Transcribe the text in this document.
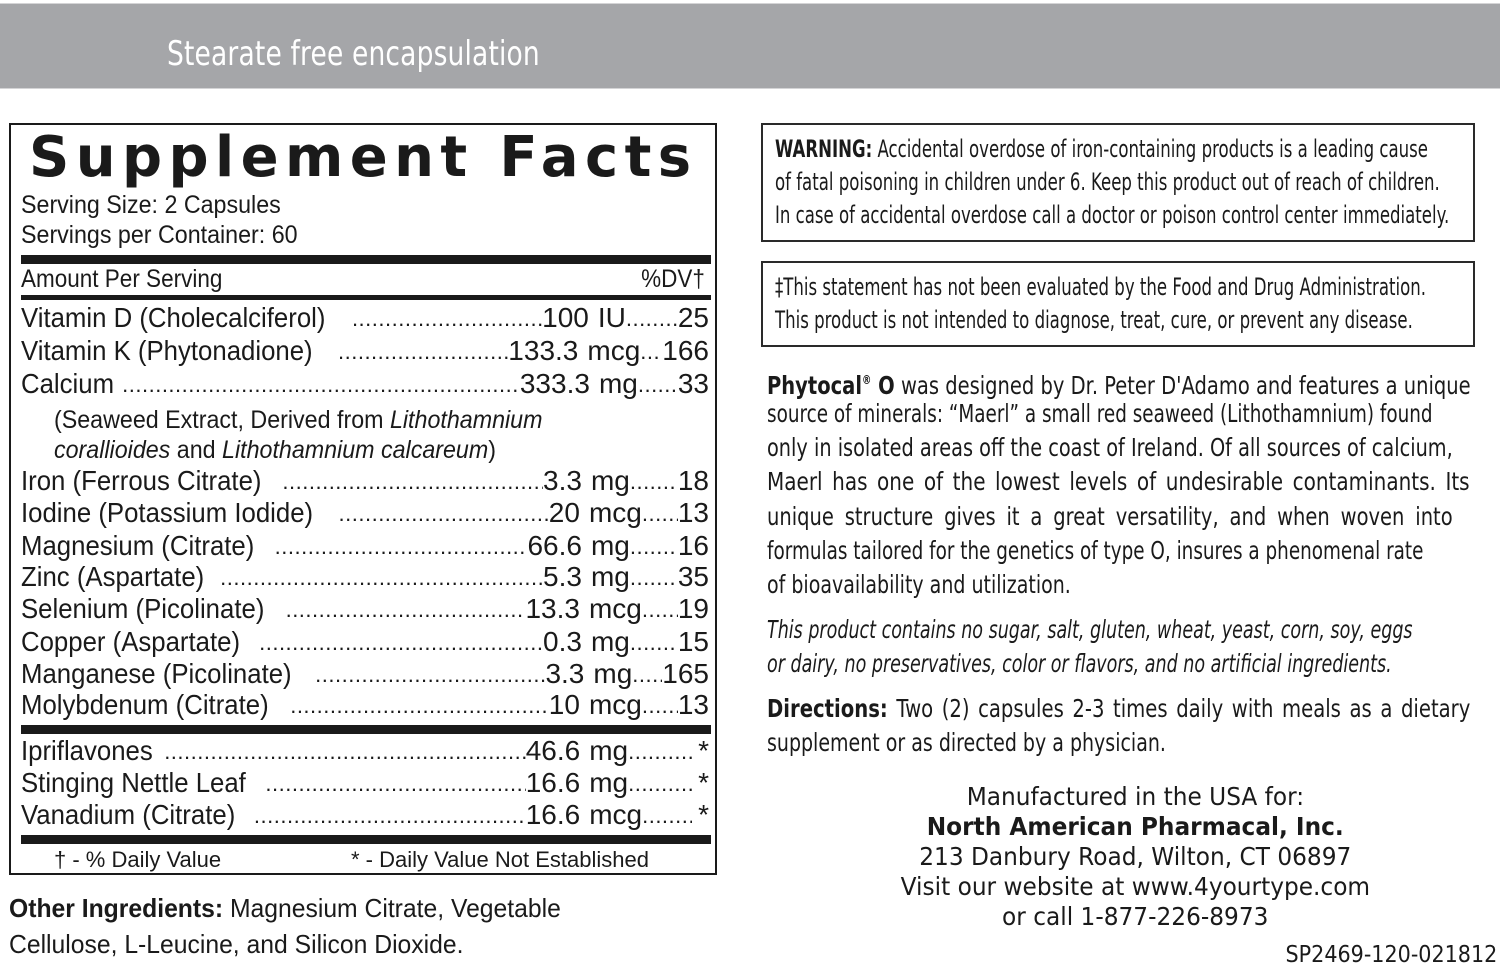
Stearate free encapsulation
Supplement Facts
Serving Size: 2 Capsules
Servings per Container: 60
Amount Per Serving	%DV†
Vitamin D (Cholecalciferol) .....	100 IU ..... 25
Vitamin K (Phytonadione) .....	133.3 mcg ..... 166
Calcium .....	333.3 mg ..... 33
(Seaweed Extract, Derived from Lithothamnium
corallioides and Lithothamnium calcareum)
Iron (Ferrous Citrate) .....	3.3 mg ..... 18
Iodine (Potassium Iodide) .....	20 mcg ..... 13
Magnesium (Citrate) .....	66.6 mg ..... 16
Zinc (Aspartate) .....	5.3 mg ..... 35
Selenium (Picolinate) .....	13.3 mcg ..... 19
Copper (Aspartate) .....	0.3 mg ..... 15
Manganese (Picolinate) .....	3.3 mg ..... 165
Molybdenum (Citrate) .....	10 mcg ..... 13
Ipriflavones .....	46.6 mg .....	*
Stinging Nettle Leaf .....	16.6 mg .....	*
Vanadium (Citrate) .....	16.6 mcg ..... *
† - % Daily Value	* - Daily Value Not Established
Other Ingredients: Magnesium Citrate, Vegetable Cellulose, L-Leucine, and Silicon Dioxide.
WARNING: Accidental overdose of iron-containing products is a leading cause
of fatal poisoning in children under 6. Keep this product out of reach of children.
In case of accidental overdose call a doctor or poison control center immediately.
‡This statement has not been evaluated by the Food and Drug Administration.
This product is not intended to diagnose, treat, cure, or prevent any disease.
Phytocal® O was designed by Dr. Peter D'Adamo and features a unique
source of minerals: “Maerl” a small red seaweed (Lithothamnium) found
only in isolated areas off the coast of Ireland. Of all sources of calcium,
Maerl has one of the lowest levels of undesirable contaminants. Its
unique structure gives it a great versatility, and when woven into
formulas tailored for the genetics of type O, insures a phenomenal rate
of bioavailability and utilization.
This product contains no sugar, salt, gluten, wheat, yeast, corn, soy, eggs
or dairy, no preservatives, color or flavors, and no artificial ingredients.
Directions: Two (2) capsules 2-3 times daily with meals as a dietary
supplement or as directed by a physician.
Manufactured in the USA for:
North American Pharmacal, Inc.
213 Danbury Road, Wilton, CT 06897
Visit our website at www.4yourtype.com
or call 1-877-226-8973
SP2469-120-021812
